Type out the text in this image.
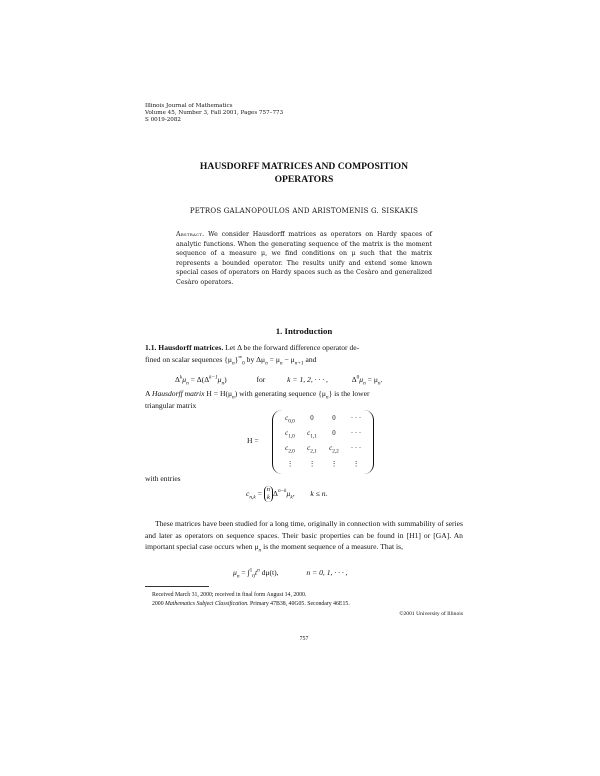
Illinois Journal of Mathematics
Volume 45, Number 3, Fall 2001, Pages 757–773
S 0019-2082
HAUSDORFF MATRICES AND COMPOSITION
OPERATORS
PETROS GALANOPOULOS AND ARISTOMENIS G. SISKAKIS
Abstract. We consider Hausdorff matrices as operators on Hardy spaces of analytic functions. When the generating sequence of the matrix is the moment sequence of a measure μ, we find conditions on μ such that the matrix represents a bounded operator. The results unify and extend some known special cases of operators on Hardy spaces such as the Cesàro and generalized Cesàro operators.
1. Introduction
1.1. Hausdorff matrices. Let Δ be the forward difference operator de-
fined on scalar sequences $\{\mu_n\}^\infty_0$ by $\Delta\mu_n = \mu_n - \mu_{n+1}$ and
$\Delta^k\mu_n = \Delta(\Delta^{k-1}\mu_n)$	for	k = 1, 2, · · · ,	$\Delta^0\mu_n = \mu_n$.
A Hausdorff matrix $H = H(\mu_n)$ with generating sequence $\{\mu_n\}$ is the lower
triangular matrix
H =
$c_{0,0}$	0	0	· · ·
$c_{1,0}$	$c_{1,1}$	0	· · ·
$c_{2,0}$	$c_{2,1}$	$c_{2,2}$	· · ·
⋮	⋮	⋮	⋮
with entries
$c_{n,k} = n$
k $\Delta^{n-k}\mu_k$,  k ≤ n.
These matrices have been studied for a long time, originally in connection with summability of series and later as operators on sequence spaces. Their basic properties can be found in [H1] or [GA]. An important special case occurs when $\mu_n$ is the moment sequence of a measure. That is,
$\mu_n = \int^1_0t^n$ dμ(t),	n = 0, 1, · · · ,
Received March 31, 2000; received in final form August 14, 2000.
2000 Mathematics Subject Classification. Primary 47B38, 40G05. Secondary 46E15.
©2001 University of Illinois
757
